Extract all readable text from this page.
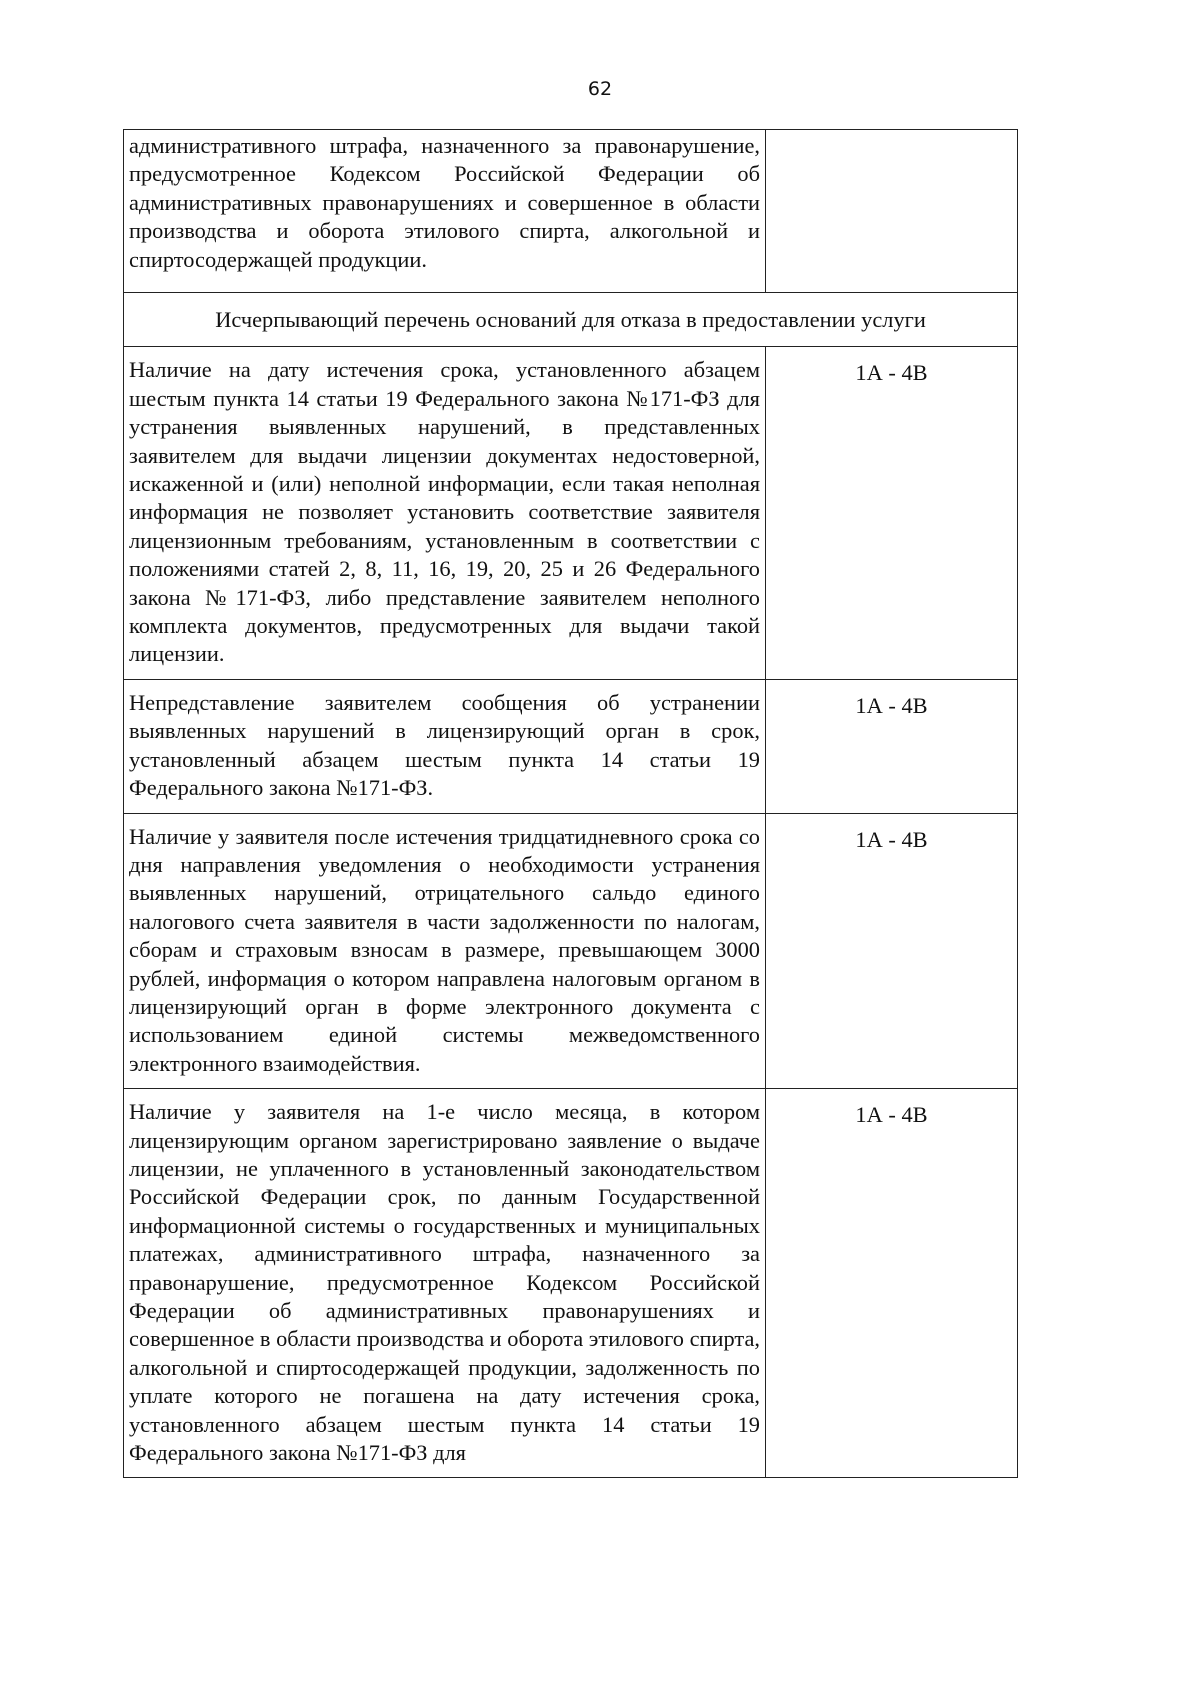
62
административного штрафа, назначенного за правонарушение, предусмотренное Кодексом Российской Федерации об административных правонарушениях и совершенное в области производства и оборота этилового спирта, алкогольной и спиртосодержащей продукции.	
Исчерпывающий перечень оснований для отказа в предоставлении услуги	
Наличие на дату истечения срока, установленного абзацем шестым пункта 14 статьи 19 Федерального закона №171-ФЗ для устранения выявленных нарушений, в представленных заявителем для выдачи лицензии документах недостоверной, искаженной и (или) неполной информации, если такая неполная информация не позволяет установить соответствие заявителя лицензионным требованиям, установленным в соответствии с положениями статей 2, 8, 11, 16, 19, 20, 25 и 26 Федерального закона №171-ФЗ, либо представление заявителем неполного комплекта документов, предусмотренных для выдачи такой лицензии.	1А - 4В
Непредставление заявителем сообщения об устранении выявленных нарушений в лицензирующий орган в срок, установленный абзацем шестым пункта 14 статьи 19 Федерального закона №171-ФЗ.	1А - 4В
Наличие у заявителя после истечения тридцатидневного срока со дня направления уведомления о необходимости устранения выявленных нарушений, отрицательного сальдо единого налогового счета заявителя в части задолженности по налогам, сборам и страховым взносам в размере, превышающем 3000 рублей, информация о котором направлена налоговым органом в лицензирующий орган в форме электронного документа с использованием единой системы межведомственного электронного взаимодействия.	1А - 4В
Наличие у заявителя на 1-е число месяца, в котором лицензирующим органом зарегистрировано заявление о выдаче лицензии, не уплаченного в установленный законодательством Российской Федерации срок, по данным Государственной информационной системы о государственных и муниципальных платежах, административного штрафа, назначенного за правонарушение, предусмотренное Кодексом Российской Федерации об административных правонарушениях и совершенное в области производства и оборота этилового спирта, алкогольной и спиртосодержащей продукции, задолженность по уплате которого не погашена на дату истечения срока, установленного абзацем шестым пункта 14 статьи 19 Федерального закона №171-ФЗ для	1А - 4В
